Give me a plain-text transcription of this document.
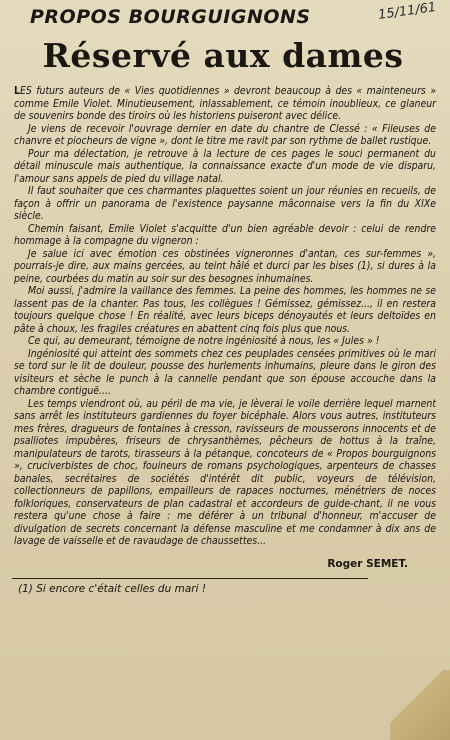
PROPOS BOURGUIGNONS	15/11/61
Réservé aux dames

LES futurs auteurs de « Vies quotidiennes » devront beaucoup à des « mainteneurs » comme Emile Violet. Minutieusement, inlassablement, ce témoin inoublieux, ce glaneur de souvenirs bonde des tiroirs où les historiens puiseront avec délice.

Je viens de recevoir l'ouvrage dernier en date du chantre de Clessé : « Fileuses de chanvre et piocheurs de vigne », dont le titre me ravit par son rythme de ballet rustique.

Pour ma délectation, je retrouve à la lecture de ces pages le souci permanent du détail minuscule mais authentique, la connaissance exacte d'un mode de vie disparu, l'amour sans appels de pied du village natal.

Il faut souhaiter que ces charmantes plaquettes soient un jour réunies en recueils, de façon à offrir un panorama de l'existence paysanne mâconnaise vers la fin du XIXe siècle.

Chemin faisant, Emile Violet s'acquitte d'un bien agréable devoir : celui de rendre hommage à la compagne du vigneron :

Je salue ici avec émotion ces obstinées vigneronnes d'antan, ces sur-femmes », pourrais-je dire, aux mains gercées, au teint hâlé et durci par les bises (1), si dures à la peine, courbées du matin au soir sur des besognes inhumaines.

Moi aussi, j'admire la vaillance des femmes. La peine des hommes, les hommes ne se lassent pas de la chanter. Pas tous, les collègues ! Gémissez, gémissez..., il en restera toujours quelque chose ! En réalité, avec leurs biceps dénoyautés et leurs deltoïdes en pâte à choux, les fragiles créatures en abattent cinq fois plus que nous.

Ce qui, au demeurant, témoigne de notre ingéniosité à nous, les « Jules » !

Ingéniosité qui atteint des sommets chez ces peuplades censées primitives où le mari se tord sur le lit de douleur, pousse des hurlements inhumains, pleure dans le giron des visiteurs et sèche le punch à la cannelle pendant que son épouse accouche dans la chambre contiguë....

Les temps viendront où, au péril de ma vie, je lèverai le voile derrière lequel marnent sans arrêt les instituteurs gardiennes du foyer bicéphale. Alors vous autres, instituteurs mes frères, dragueurs de fontaines à cresson, ravisseurs de mousserons innocents et de psalliotes impubères, friseurs de chrysanthèmes, pêcheurs de hottus à la traîne, manipulateurs de tarots, tirasseurs à la pétanque, concoteurs de « Propos bourguignons », cruciverbistes de choc, fouineurs de romans psychologiques, arpenteurs de chasses banales, secrétaires de sociétés d'intérêt dit public, voyeurs de télévision, collectionneurs de papillons, empailleurs de rapaces nocturnes, ménétriers de noces folkloriques, conservateurs de plan cadastral et accordeurs de guide-chant, il ne vous restera qu'une chose à faire : me déférer à un tribunal d'honneur, m'accuser de divulgation de secrets concernant la défense masculine et me condamner à dix ans de lavage de vaisselle et de ravaudage de chaussettes...

Roger SEMET.
(1) Si encore c'était celles du mari !
